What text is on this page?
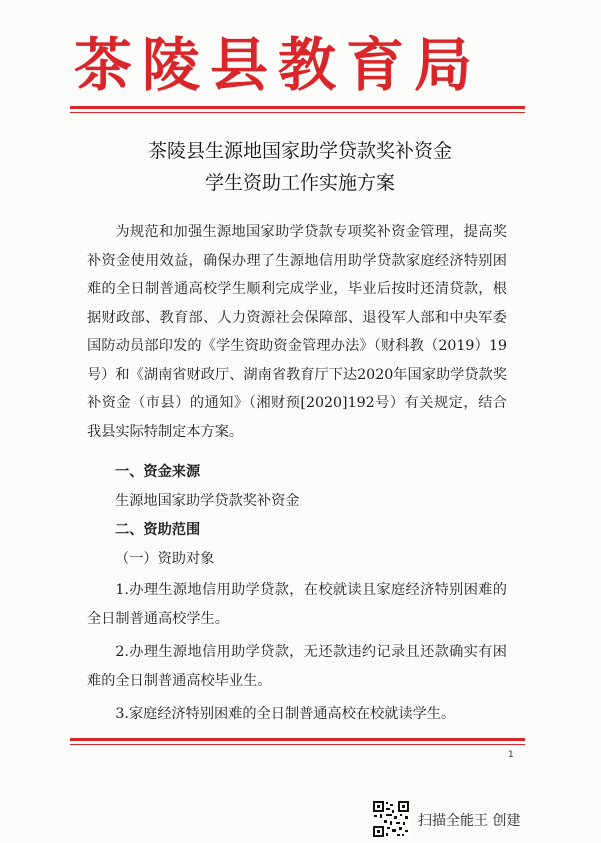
茶陵县教育局
茶陵县生源地国家助学贷款奖补资金
学生资助工作实施方案

为规范和加强生源地国家助学贷款专项奖补资金管理，提高奖补资金使用效益，确保办理了生源地信用助学贷款家庭经济特别困难的全日制普通高校学生顺利完成学业，毕业后按时还清贷款，根据财政部、教育部、人力资源社会保障部、退役军人部和中央军委国防动员部印发的《学生资助资金管理办法》（财科教（2019）19号）和《湖南省财政厅、湖南省教育厅下达2020年国家助学贷款奖补资金（市县）的通知》（湘财预[2020]192号）有关规定，结合我县实际特制定本方案。

一、资金来源
生源地国家助学贷款奖补资金
二、资助范围
（一）资助对象

1.办理生源地信用助学贷款，在校就读且家庭经济特别困难的全日制普通高校学生。

2.办理生源地信用助学贷款，无还款违约记录且还款确实有困难的全日制普通高校毕业生。

3.家庭经济特别困难的全日制普通高校在校就读学生。

1
扫描全能王 创建
